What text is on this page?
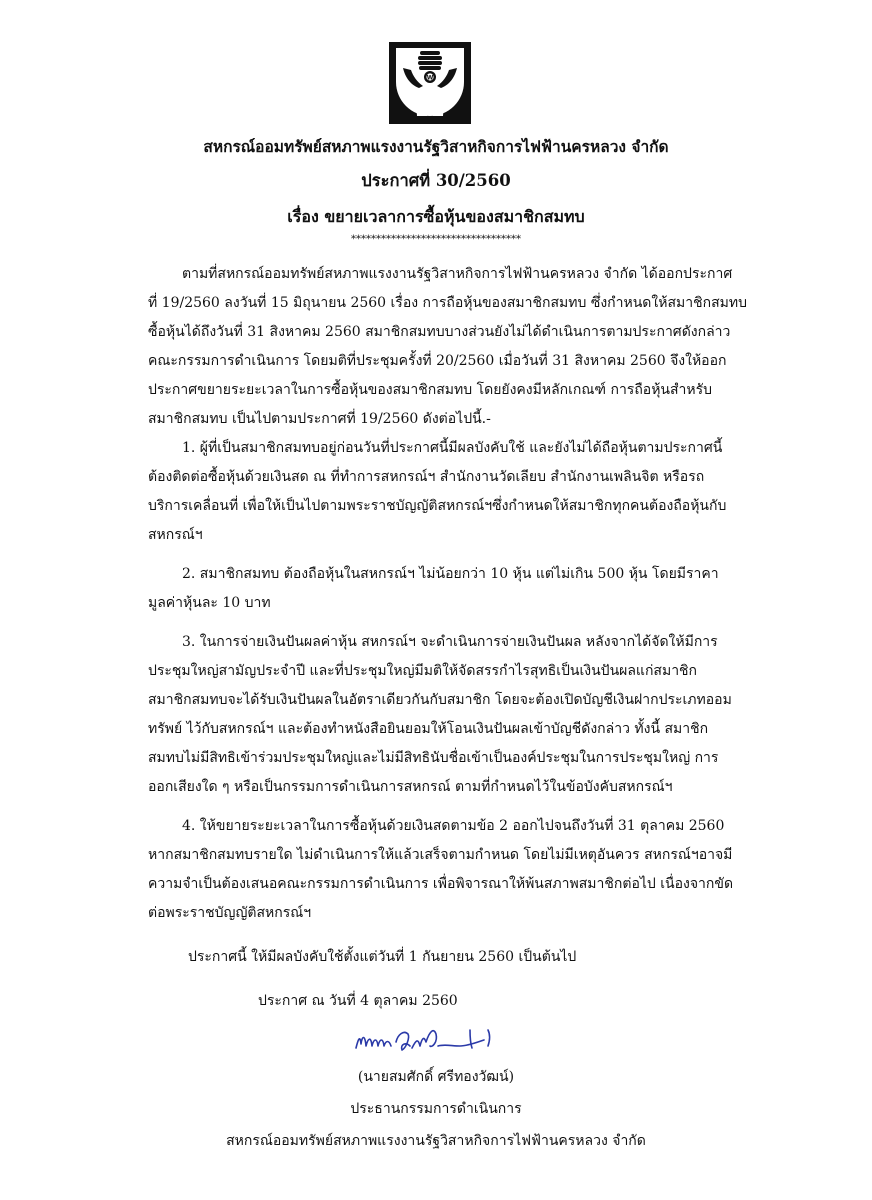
W
สหกรณ์ออมทรัพย์สหภาพแรงงานรัฐวิสาหกิจการไฟฟ้านครหลวง จำกัด
ประกาศที่ 30/2560
เรื่อง ขยายเวลาการซื้อหุ้นของสมาชิกสมทบ
**********************************
ตามที่สหกรณ์ออมทรัพย์สหภาพแรงงานรัฐวิสาหกิจการไฟฟ้านครหลวง จำกัด ได้ออกประกาศ
ที่ 19/2560 ลงวันที่ 15 มิถุนายน 2560 เรื่อง การถือหุ้นของสมาชิกสมทบ ซึ่งกำหนดให้สมาชิกสมทบ
ซื้อหุ้นได้ถึงวันที่ 31 สิงหาคม 2560 สมาชิกสมทบบางส่วนยังไม่ได้ดำเนินการตามประกาศดังกล่าว
คณะกรรมการดำเนินการ โดยมติที่ประชุมครั้งที่ 20/2560 เมื่อวันที่ 31 สิงหาคม 2560 จึงให้ออก
ประกาศขยายระยะเวลาในการซื้อหุ้นของสมาชิกสมทบ โดยยังคงมีหลักเกณฑ์ การถือหุ้นสำหรับ
สมาชิกสมทบ เป็นไปตามประกาศที่ 19/2560 ดังต่อไปนี้.-
1. ผู้ที่เป็นสมาชิกสมทบอยู่ก่อนวันที่ประกาศนี้มีผลบังคับใช้ และยังไม่ได้ถือหุ้นตามประกาศนี้
ต้องติดต่อซื้อหุ้นด้วยเงินสด ณ ที่ทำการสหกรณ์ฯ สำนักงานวัดเลียบ สำนักงานเพลินจิต หรือรถ
บริการเคลื่อนที่ เพื่อให้เป็นไปตามพระราชบัญญัติสหกรณ์ฯซึ่งกำหนดให้สมาชิกทุกคนต้องถือหุ้นกับ
สหกรณ์ฯ
2. สมาชิกสมทบ ต้องถือหุ้นในสหกรณ์ฯ ไม่น้อยกว่า 10 หุ้น แต่ไม่เกิน 500 หุ้น โดยมีราคา
มูลค่าหุ้นละ 10 บาท
3. ในการจ่ายเงินปันผลค่าหุ้น สหกรณ์ฯ จะดำเนินการจ่ายเงินปันผล หลังจากได้จัดให้มีการ
ประชุมใหญ่สามัญประจำปี และที่ประชุมใหญ่มีมติให้จัดสรรกำไรสุทธิเป็นเงินปันผลแก่สมาชิก
สมาชิกสมทบจะได้รับเงินปันผลในอัตราเดียวกันกับสมาชิก โดยจะต้องเปิดบัญชีเงินฝากประเภทออม
ทรัพย์ ไว้กับสหกรณ์ฯ และต้องทำหนังสือยินยอมให้โอนเงินปันผลเข้าบัญชีดังกล่าว ทั้งนี้ สมาชิก
สมทบไม่มีสิทธิเข้าร่วมประชุมใหญ่และไม่มีสิทธินับชื่อเข้าเป็นองค์ประชุมในการประชุมใหญ่ การ
ออกเสียงใด ๆ หรือเป็นกรรมการดำเนินการสหกรณ์ ตามที่กำหนดไว้ในข้อบังคับสหกรณ์ฯ
4. ให้ขยายระยะเวลาในการซื้อหุ้นด้วยเงินสดตามข้อ 2 ออกไปจนถึงวันที่ 31 ตุลาคม 2560
หากสมาชิกสมทบรายใด ไม่ดำเนินการให้แล้วเสร็จตามกำหนด โดยไม่มีเหตุอันควร สหกรณ์ฯอาจมี
ความจำเป็นต้องเสนอคณะกรรมการดำเนินการ เพื่อพิจารณาให้พ้นสภาพสมาชิกต่อไป เนื่องจากขัด
ต่อพระราชบัญญัติสหกรณ์ฯ
ประกาศนี้ ให้มีผลบังคับใช้ตั้งแต่วันที่ 1 กันยายน 2560 เป็นต้นไป
ประกาศ ณ วันที่ 4 ตุลาคม 2560
(นายสมศักดิ์ ศรีทองวัฒน์)
ประธานกรรมการดำเนินการ
สหกรณ์ออมทรัพย์สหภาพแรงงานรัฐวิสาหกิจการไฟฟ้านครหลวง จำกัด
